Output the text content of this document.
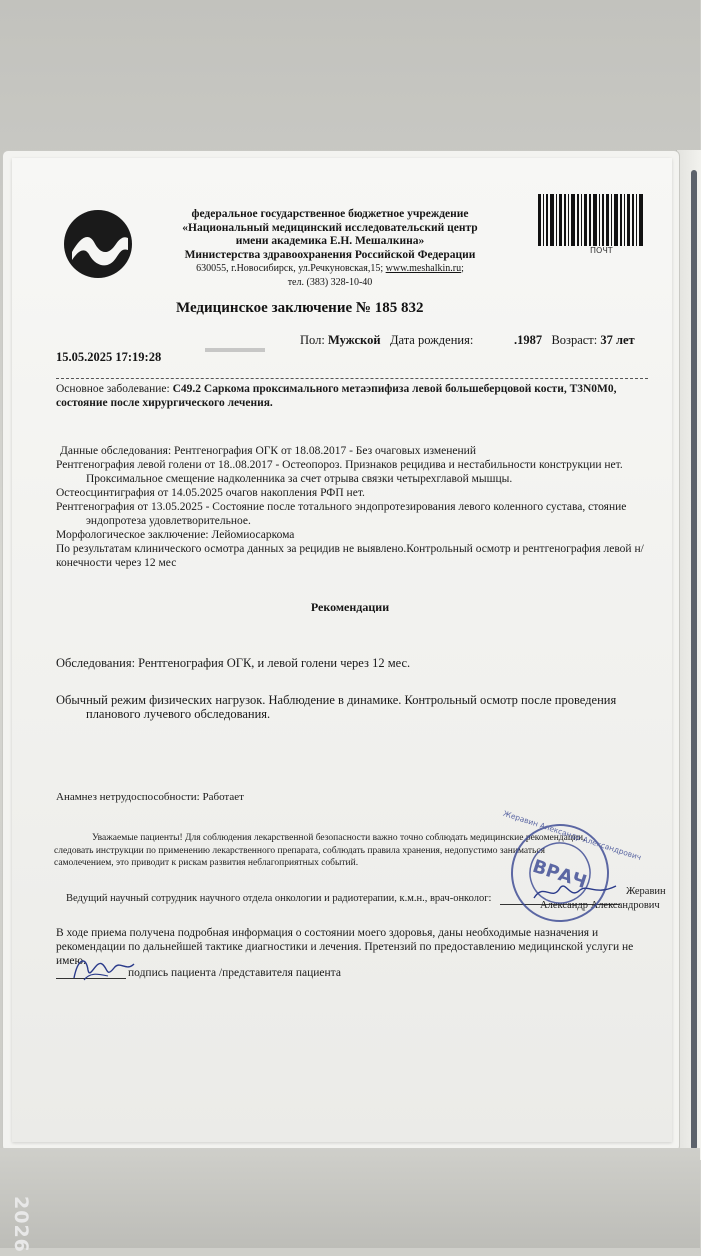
федеральное государственное бюджетное учреждение
«Национальный медицинский исследовательский центр
имени академика Е.Н. Мешалкина»
Министерства здравоохранения Российской Федерации
630055, г.Новосибирск, ул.Речкуновская,15; www.meshalkin.ru;
тел. (383) 328-10-40
ПОЧТ
Медицинское заключение № 185 832
Пол: Мужской Дата рождения:	.1987 Возраст: 37 лет
15.05.2025 17:19:28
Основное заболевание: С49.2 Саркома проксимального метаэпифиза левой большеберцовой кости, T3N0M0, состояние после хирургического лечения.
Данные обследования: Рентгенография ОГК от 18.08.2017 - Без очаговых изменений
Рентгенография левой голени от 18..08.2017 - Остеопороз. Признаков рецидива и нестабильности конструкции нет.
Проксимальное смещение надколенника за счет отрыва связки четырехглавой мышцы.
Остеосцинтиграфия от 14.05.2025 очагов накопления РФП нет.
Рентгенография от 13.05.2025 - Состояние после тотального эндопротезирования левого коленного сустава, стояние
эндопротеза удовлетворительное.
Морфологическое заключение: Лейомиосаркома
По результатам клинического осмотра данных за рецидив не выявлено.Контрольный осмотр и рентгенография левой н/конечности через 12 мес
Рекомендации
Обследования: Рентгенография ОГК, и левой голени через 12 мес.
Обычный режим физических нагрузок. Наблюдение в динамике. Контрольный осмотр после проведения
планового лучевого обследования.
Анамнез нетрудоспособности: Работает
Уважаемые пациенты! Для соблюдения лекарственной безопасности важно точно соблюдать медицинские рекомендации,
следовать инструкции по применению лекарственного препарата, соблюдать правила хранения, недопустимо заниматься
самолечением, это приводит к рискам развития неблагоприятных событий.
Ведущий научный сотрудник научного отдела онкологии и радиотерапии, к.м.н., врач-онколог:
Жеравин
Александр Александрович
ВРАЧ
Жеравин Александр Александрович
В ходе приема получена подробная информация о состоянии моего здоровья, даны необходимые назначения и рекомендации по дальнейшей тактике диагностики и лечения. Претензий по предоставлению медицинской услуги не имею.
подпись пациента /представителя пациента
2026
